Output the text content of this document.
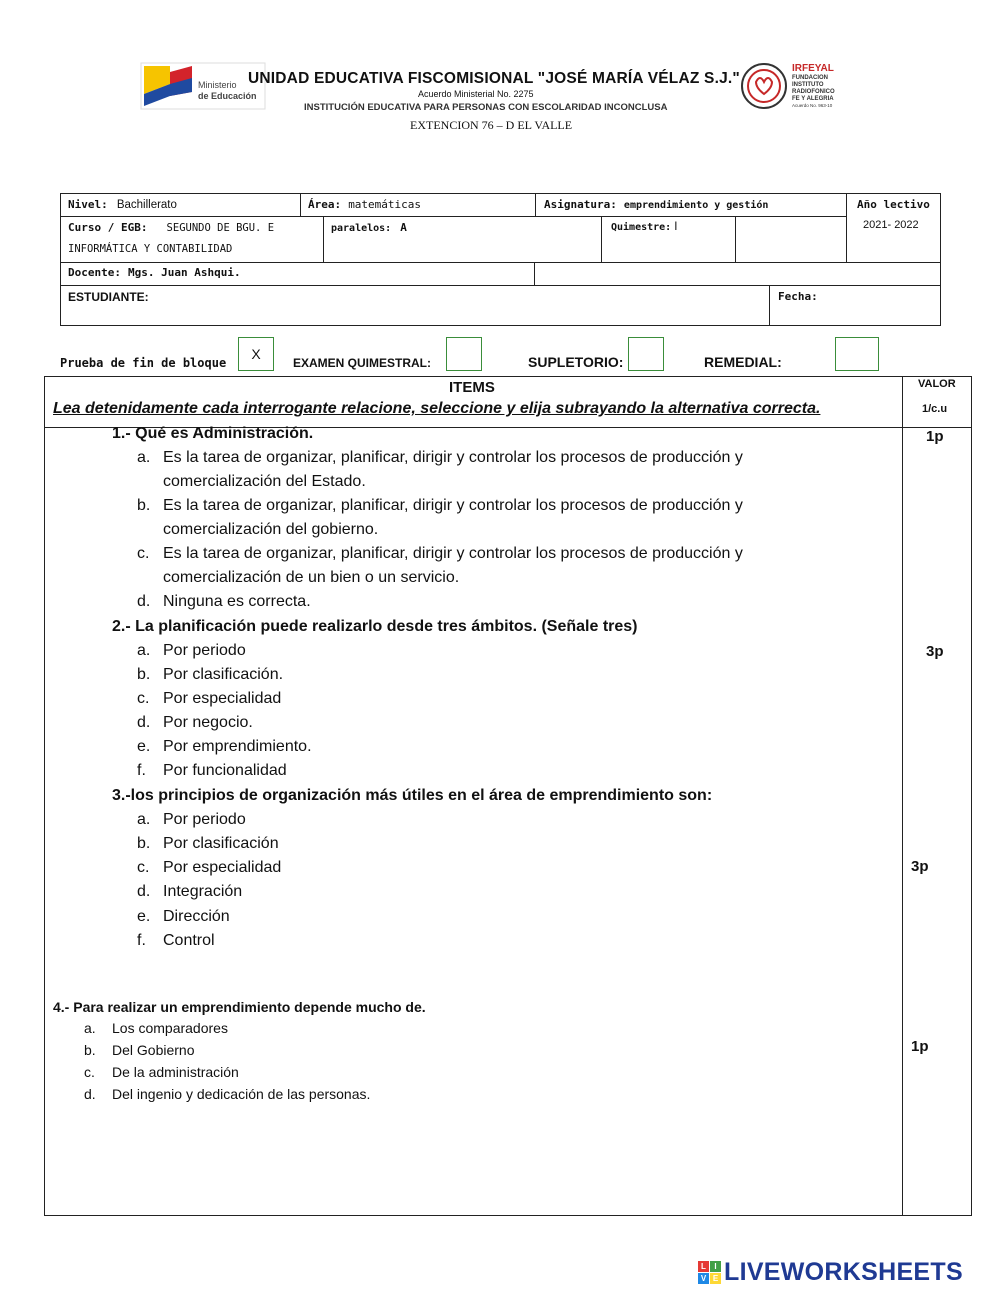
Ministerio
de Educación
UNIDAD EDUCATIVA FISCOMISIONAL "JOSÉ MARÍA VÉLAZ S.J."
Acuerdo Ministerial No. 2275
INSTITUCIÓN EDUCATIVA PARA PERSONAS CON ESCOLARIDAD INCONCLUSA
EXTENCION 76 – D EL VALLE
IRFEYAL
FUNDACION
INSTITUTO
RADIOFONICO
FE Y ALEGRIA
Acuerdo No. 963-10
Nivel: Bachillerato	Área: matemáticas	Asignatura: emprendimiento y gestión	Año lectivo
2021- 2022
Curso / EGB: SEGUNDO DE BGU. E
INFORMÁTICA Y CONTABILIDAD
paralelos: A	Quimestre: I
Docente: Mgs. Juan Ashqui.
ESTUDIANTE:	Fecha:
Prueba de fin de bloque
X
EXAMEN QUIMESTRAL:	SUPLETORIO:	REMEDIAL:
ITEMS	VALOR
1/c.u
Lea detenidamente cada interrogante relacione, seleccione y elija subrayando la alternativa correcta.
1.- Qué es Administración.
a. Es la tarea de organizar, planificar, dirigir y controlar los procesos de producción y
comercialización del Estado.
b. Es la tarea de organizar, planificar, dirigir y controlar los procesos de producción y
comercialización del gobierno.
c. Es la tarea de organizar, planificar, dirigir y controlar los procesos de producción y
comercialización de un bien o un servicio.
d. Ninguna es correcta.
1p
2.- La planificación puede realizarlo desde tres ámbitos. (Señale tres)
a. Por periodo
b. Por clasificación.
c. Por especialidad
d. Por negocio.
e. Por emprendimiento.
f. Por funcionalidad
3p
3.-los principios de organización más útiles en el área de emprendimiento son:
a. Por periodo
b. Por clasificación
c. Por especialidad
d. Integración
e. Dirección
f. Control
3p
4.- Para realizar un emprendimiento depende mucho de.
a. Los comparadores
b. Del Gobierno
c. De la administración
d. Del ingenio y dedicación de las personas.
1p
L	I
V E LIVEWORKSHEETS
